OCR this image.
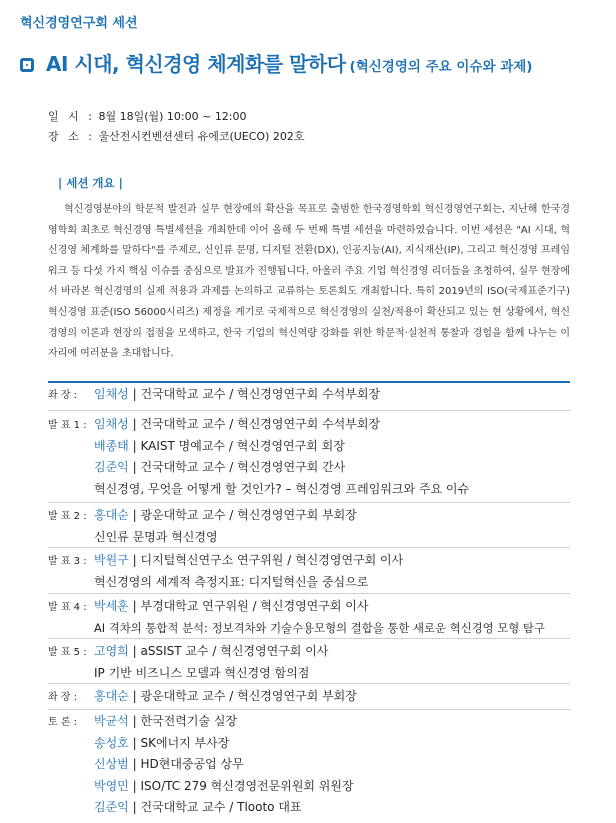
혁신경영연구회 세션
AI 시대, 혁신경영 체계화를 말하다 (혁신경영의 주요 이슈와 과제)
일 시 : 8월 18일(월) 10:00 ~ 12:00
장 소 : 울산전시컨벤션센터 유에코(UECO) 202호
| 세션 개요 |

혁신경영분야의 학문적 발전과 실무 현장에의 확산을 목표로 출범한 한국경영학회 혁신경영연구회는, 지난해 한국경영학회 최초로 혁신경영 특별세션을 개최한데 이어 올해 두 번째 특별 세션을 마련하였습니다. 이번 세션은 "AI 시대, 혁신경영 체계화를 말하다"를 주제로, 신인류 문명, 디지털 전환(DX), 인공지능(AI), 지식재산(IP), 그리고 혁신경영 프레임워크 등 다섯 가지 핵심 이슈를 중심으로 발표가 진행됩니다. 아울러 주요 기업 혁신경영 리더들을 초청하여, 실무 현장에서 바라본 혁신경영의 실제 적용과 과제를 논의하고 교류하는 토론회도 개최합니다. 특히 2019년의 ISO(국제표준기구) 혁신경영 표준(ISO 56000시리즈) 제정을 계기로 국제적으로 혁신경영의 실천/적용이 확산되고 있는 현 상황에서, 혁신경영의 이론과 현장의 접점을 모색하고, 한국 기업의 혁신역량 강화를 위한 학문적·실천적 통찰과 경험을 함께 나누는 이 자리에 여러분을 초대합니다.

좌 장 : 임채성 | 건국대학교 교수 / 혁신경영연구회 수석부회장
발 표 1 : 임채성 | 건국대학교 교수 / 혁신경영연구회 수석부회장
배종태 | KAIST 명예교수 / 혁신경영연구회 회장
김준익 | 건국대학교 교수 / 혁신경영연구회 간사
혁신경영, 무엇을 어떻게 할 것인가? – 혁신경영 프레임워크와 주요 이슈
발 표 2 : 홍대순 | 광운대학교 교수 / 혁신경영연구회 부회장
신인류 문명과 혁신경영
발 표 3 : 박원구 | 디지털혁신연구소 연구위원 / 혁신경영연구회 이사
혁신경영의 세계적 측정지표: 디지털혁신을 중심으로
발 표 4 : 박세훈 | 부경대학교 연구위원 / 혁신경영연구회 이사
AI 격차의 통합적 분석: 정보격차와 기술수용모형의 결합을 통한 새로운 혁신경영 모형 탐구
발 표 5 : 고영희 | aSSIST 교수 / 혁신경영연구회 이사
IP 기반 비즈니스 모델과 혁신경영 함의점
좌 장 : 홍대순 | 광운대학교 교수 / 혁신경영연구회 부회장
토 론 : 박균석 | 한국전력기술 실장
송성호 | SK에너지 부사장
신상범 | HD현대중공업 상무
박영민 | ISO/TC 279 혁신경영전문위원회 위원장
김준익 | 건국대학교 교수 / Tlooto 대표
